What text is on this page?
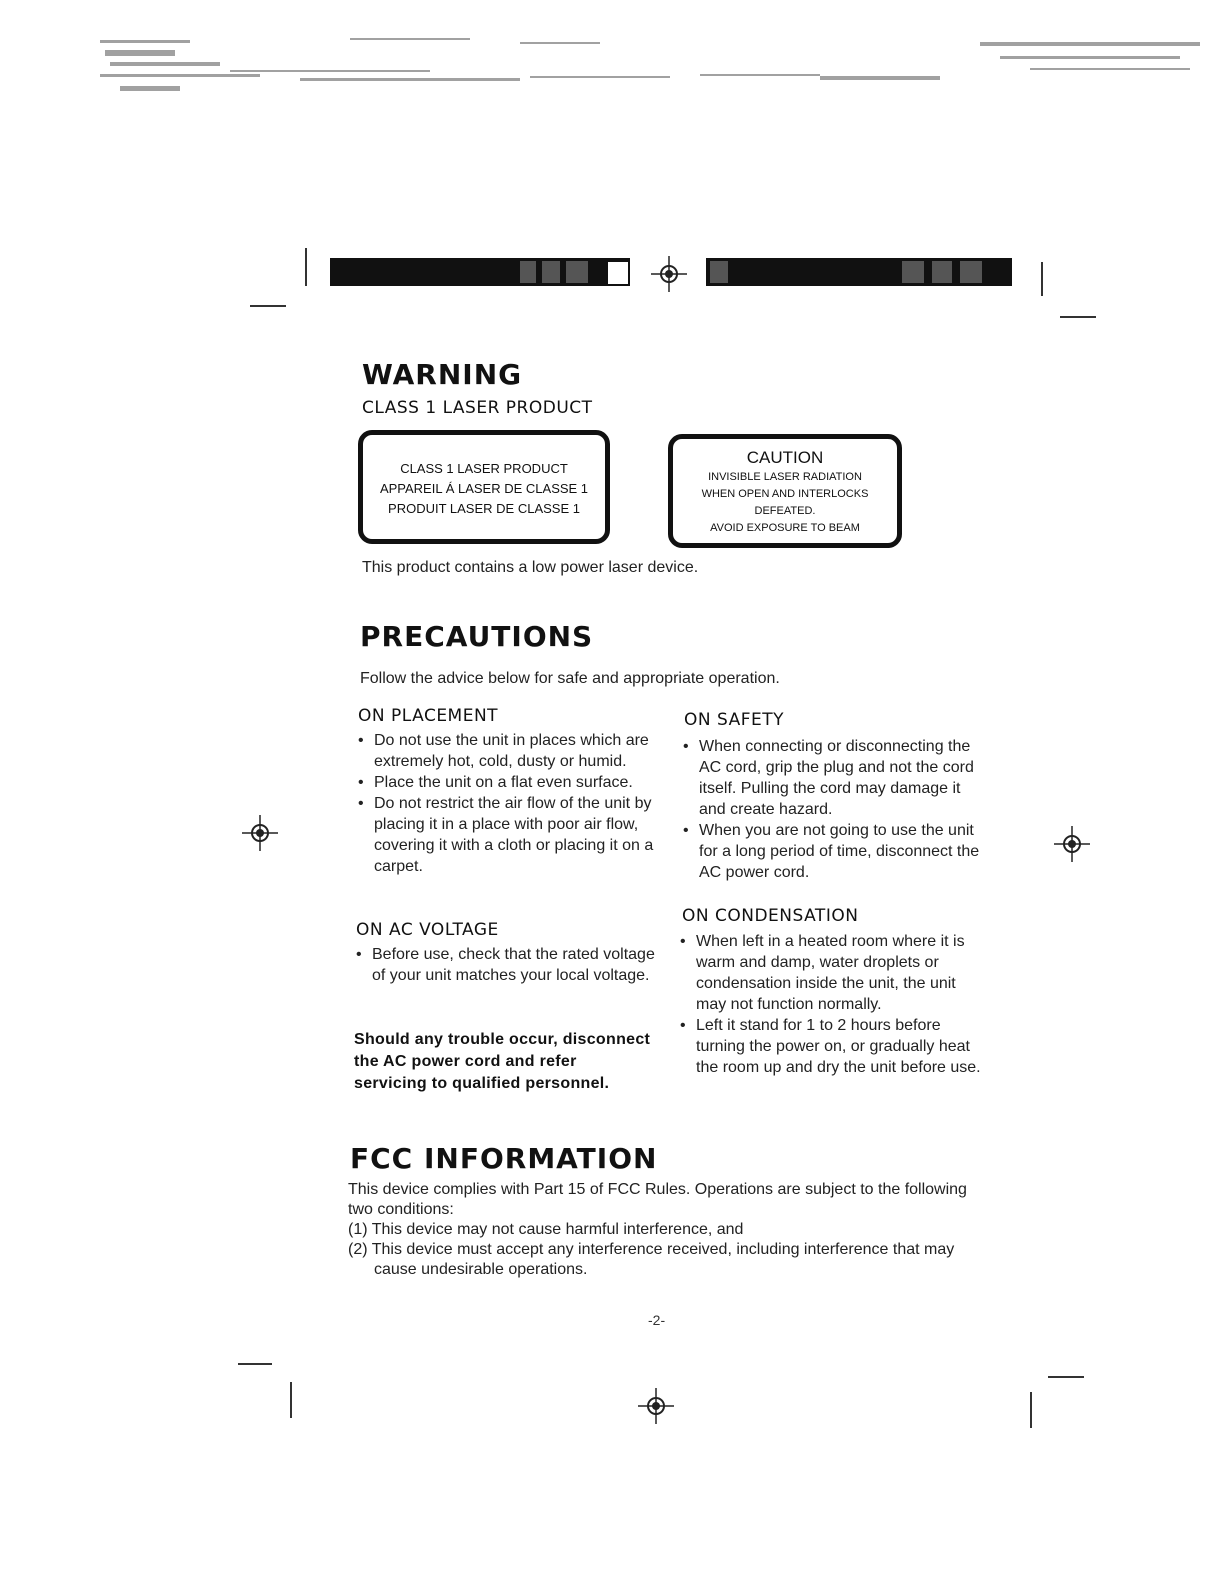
WARNING
CLASS 1 LASER PRODUCT
CLASS 1 LASER PRODUCT
APPAREIL Á LASER DE CLASSE 1
PRODUIT LASER DE CLASSE 1
CAUTION
INVISIBLE LASER RADIATION
WHEN OPEN AND INTERLOCKS
DEFEATED.
AVOID EXPOSURE TO BEAM
This product contains a low power laser device.
PRECAUTIONS
Follow the advice below for safe and appropriate operation.
ON PLACEMENT
• Do not use the unit in places which are extremely hot, cold, dusty or humid.
• Place the unit on a flat even surface.
• Do not restrict the air flow of the unit by placing it in a place with poor air flow, covering it with a cloth or placing it on a carpet.
ON AC VOLTAGE
• Before use, check that the rated voltage of your unit matches your local voltage.
Should any trouble occur, disconnect the AC power cord and refer servicing to qualified personnel.
ON SAFETY
• When connecting or disconnecting the AC cord, grip the plug and not the cord itself. Pulling the cord may damage it and create hazard.
• When you are not going to use the unit for a long period of time, disconnect the AC power cord.
ON CONDENSATION
• When left in a heated room where it is warm and damp, water droplets or condensation inside the unit, the unit may not function normally.
• Left it stand for 1 to 2 hours before turning the power on, or gradually heat the room up and dry the unit before use.
FCC INFORMATION
This device complies with Part 15 of FCC Rules. Operations are subject to the following two conditions:
(1) This device may not cause harmful interference, and
(2) This device must accept any interference received, including interference that may cause undesirable operations.
-2-
